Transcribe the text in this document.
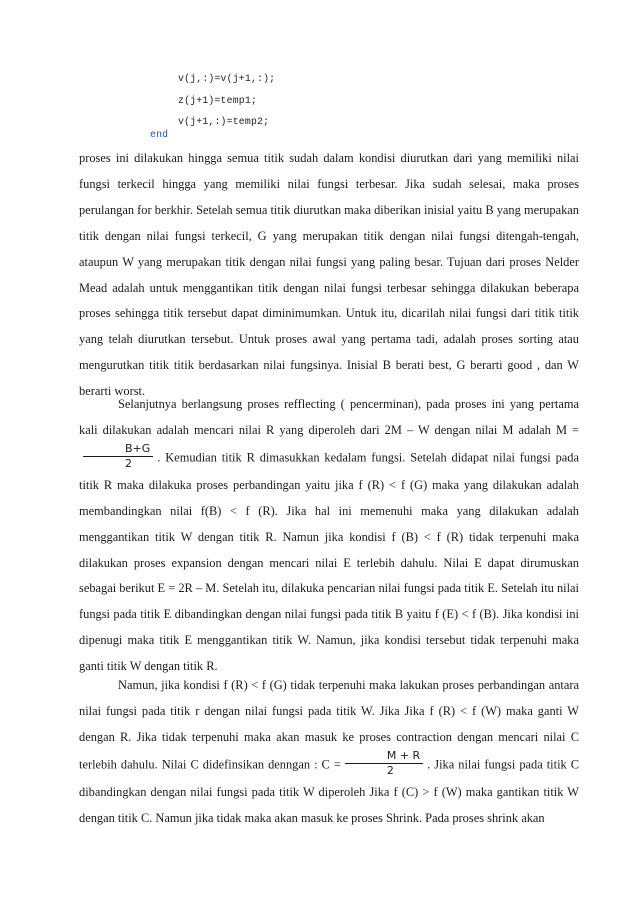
v(j,:)=v(j+1,:);
z(j+1)=temp1;
v(j+1,:)=temp2;
end

proses ini dilakukan hingga semua titik sudah dalam kondisi diurutkan dari yang memiliki nilai fungsi terkecil hingga yang memiliki nilai fungsi terbesar. Jika sudah selesai, maka proses perulangan for berkhir. Setelah semua titik diurutkan maka diberikan inisial yaitu B yang merupakan titik dengan nilai fungsi terkecil, G yang merupakan titik dengan nilai fungsi ditengah-tengah, ataupun W yang merupakan titik dengan nilai fungsi yang paling besar. Tujuan dari proses Nelder Mead adalah untuk menggantikan titik dengan nilai fungsi terbesar sehingga dilakukan beberapa proses sehingga titik tersebut dapat diminimumkan. Untuk itu, dicarilah nilai fungsi dari titik titik yang telah diurutkan tersebut. Untuk proses awal yang pertama tadi, adalah proses sorting atau mengurutkan titik titik berdasarkan nilai fungsinya. Inisial B berati best, G berarti good , dan W berarti worst.

Selanjutnya berlangsung proses refflecting ( pencerminan), pada proses ini yang pertama kali dilakukan adalah mencari nilai R yang diperoleh dari 2M – W dengan nilai M adalah M =
$\frac{B+G}{2}$ . Kemudian titik R dimasukkan kedalam fungsi. Setelah didapat nilai fungsi pada titik R maka dilakuka proses perbandingan yaitu jika f (R) < f (G) maka yang dilakukan adalah membandingkan nilai f(B) < f (R). Jika hal ini memenuhi maka yang dilakukan adalah menggantikan titik W dengan titik R. Namun jika kondisi f (B) < f (R) tidak terpenuhi maka dilakukan proses expansion dengan mencari nilai E terlebih dahulu. Nilai E dapat dirumuskan sebagai berikut E = 2R – M. Setelah itu, dilakuka pencarian nilai fungsi pada titik E. Setelah itu nilai fungsi pada titik E dibandingkan dengan nilai fungsi pada titik B yaitu f (E) < f (B). Jika kondisi ini dipenugi maka titik E menggantikan titik W. Namun, jika kondisi tersebut tidak terpenuhi maka ganti titik W dengan titik R.

Namun, jika kondisi f (R) < f (G) tidak terpenuhi maka lakukan proses perbandingan antara nilai fungsi pada titik r dengan nilai fungsi pada titik W. Jika Jika f (R) < f (W) maka ganti W dengan R. Jika tidak terpenuhi maka akan masuk ke proses contraction dengan mencari nilai C terlebih dahulu. Nilai C didefinsikan denngan : $C = \frac{M + R}{2}$ . Jika nilai fungsi pada titik C dibandingkan dengan nilai fungsi pada titik W diperoleh Jika f (C) > f (W) maka gantikan titik W dengan titik C. Namun jika tidak maka akan masuk ke proses Shrink. Pada proses shrink akan
